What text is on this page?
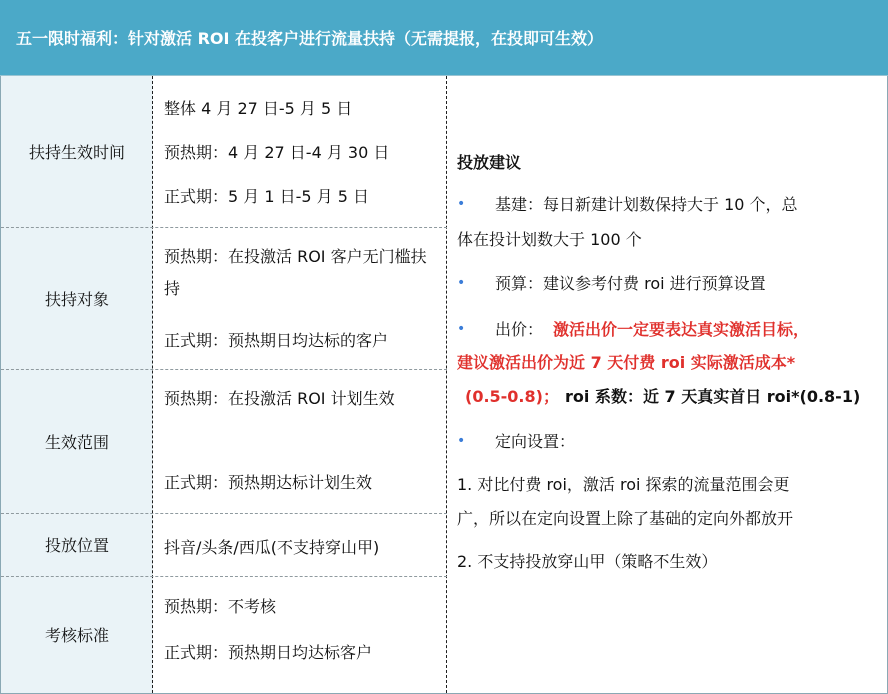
五一限时福利：针对激活 ROI 在投客户进行流量扶持（无需提报，在投即可生效）
扶持生效时间
整体 4 月 27 日-5 月 5 日
预热期：4 月 27 日-4 月 30 日
正式期：5 月 1 日-5 月 5 日
扶持对象
预热期：在投激活 ROI 客户无门槛扶持
正式期：预热期日均达标的客户
生效范围
预热期：在投激活 ROI 计划生效
正式期：预热期达标计划生效
投放位置	抖音/头条/西瓜(不支持穿山甲)
考核标准
预热期：不考核
正式期：预热期日均达标客户
投放建议
• 基建：每日新建计划数保持大于 10 个，总
体在投计划数大于 100 个
• 预算：建议参考付费 roi 进行预算设置
• 出价： 激活出价一定要表达真实激活目标，
建议激活出价为近 7 天付费 roi 实际激活成本*
(0.5-0.8)； roi 系数：近 7 天真实首日 roi*(0.8-1)
• 定向设置：
1. 对比付费 roi，激活 roi 探索的流量范围会更
广，所以在定向设置上除了基础的定向外都放开
2. 不支持投放穿山甲（策略不生效）
